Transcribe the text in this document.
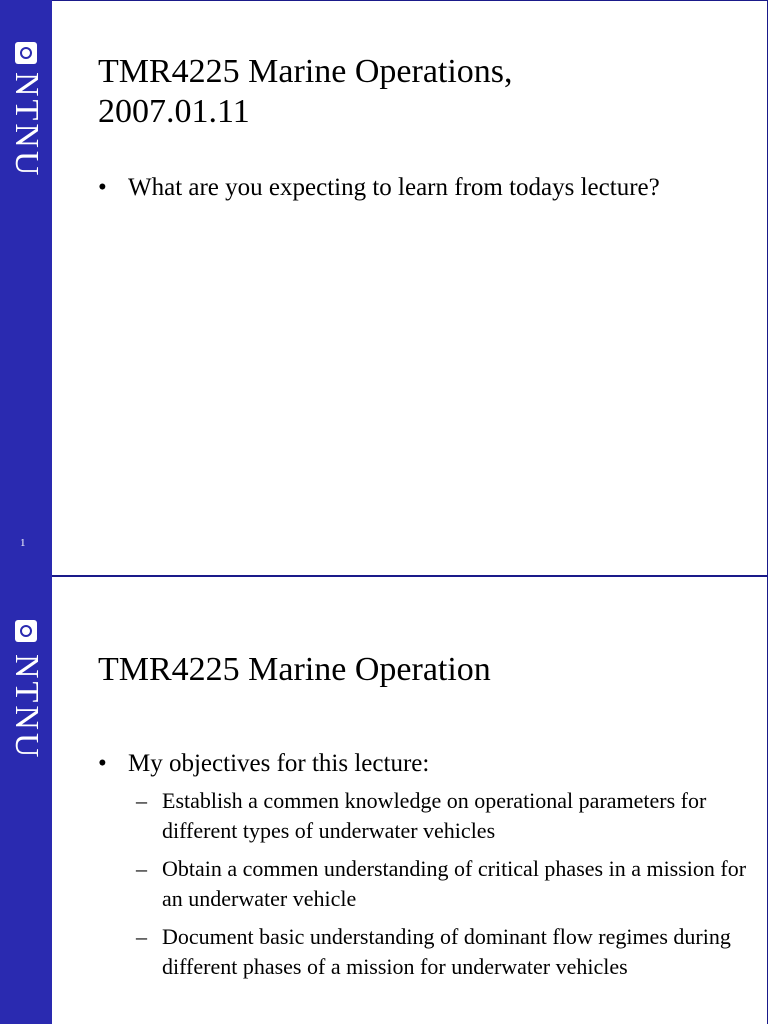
NTNU
1
TMR4225 Marine Operations,
2007.01.11
• What are you expecting to learn from todays lecture?
NTNU TMR4225 Marine Operation
• My objectives for this lecture:
– Establish a commen knowledge on operational parameters for different types of underwater vehicles
– Obtain a commen understanding of critical phases in a mission for an underwater vehicle
– Document basic understanding of dominant flow regimes during different phases of a mission for underwater vehicles
